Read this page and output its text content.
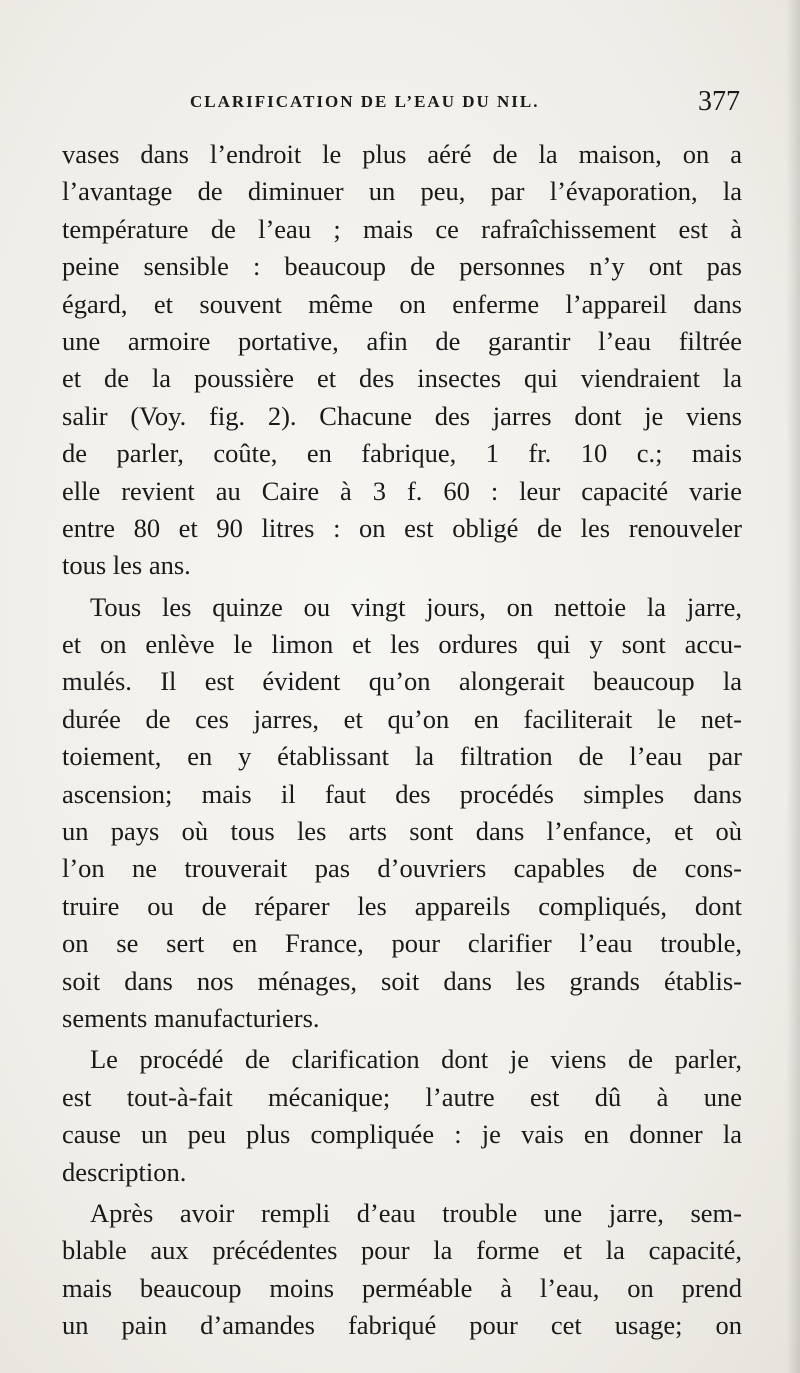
CLARIFICATION DE L’EAU DU NIL.	377
vases dans l’endroit le plus aéré de la maison, on a
l’avantage de diminuer un peu, par l’évaporation, la
température de l’eau ; mais ce rafraîchissement est à
peine sensible : beaucoup de personnes n’y ont pas
égard, et souvent même on enferme l’appareil dans
une armoire portative, afin de garantir l’eau filtrée
et de la poussière et des insectes qui viendraient la
salir (Voy. fig. 2). Chacune des jarres dont je viens
de parler, coûte, en fabrique, 1 fr. 10 c.; mais
elle revient au Caire à 3 f. 60 : leur capacité varie
entre 80 et 90 litres : on est obligé de les renouveler
tous les ans.
Tous les quinze ou vingt jours, on nettoie la jarre,
et on enlève le limon et les ordures qui y sont accu-
mulés. Il est évident qu’on alongerait beaucoup la
durée de ces jarres, et qu’on en faciliterait le net-
toiement, en y établissant la filtration de l’eau par
ascension; mais il faut des procédés simples dans
un pays où tous les arts sont dans l’enfance, et où
l’on ne trouverait pas d’ouvriers capables de cons-
truire ou de réparer les appareils compliqués, dont
on se sert en France, pour clarifier l’eau trouble,
soit dans nos ménages, soit dans les grands établis-
sements manufacturiers.
Le procédé de clarification dont je viens de parler,
est tout-à-fait mécanique; l’autre est dû à une
cause un peu plus compliquée : je vais en donner la
description.
Après avoir rempli d’eau trouble une jarre, sem-
blable aux précédentes pour la forme et la capacité,
mais beaucoup moins perméable à l’eau, on prend
un pain d’amandes fabriqué pour cet usage; on
